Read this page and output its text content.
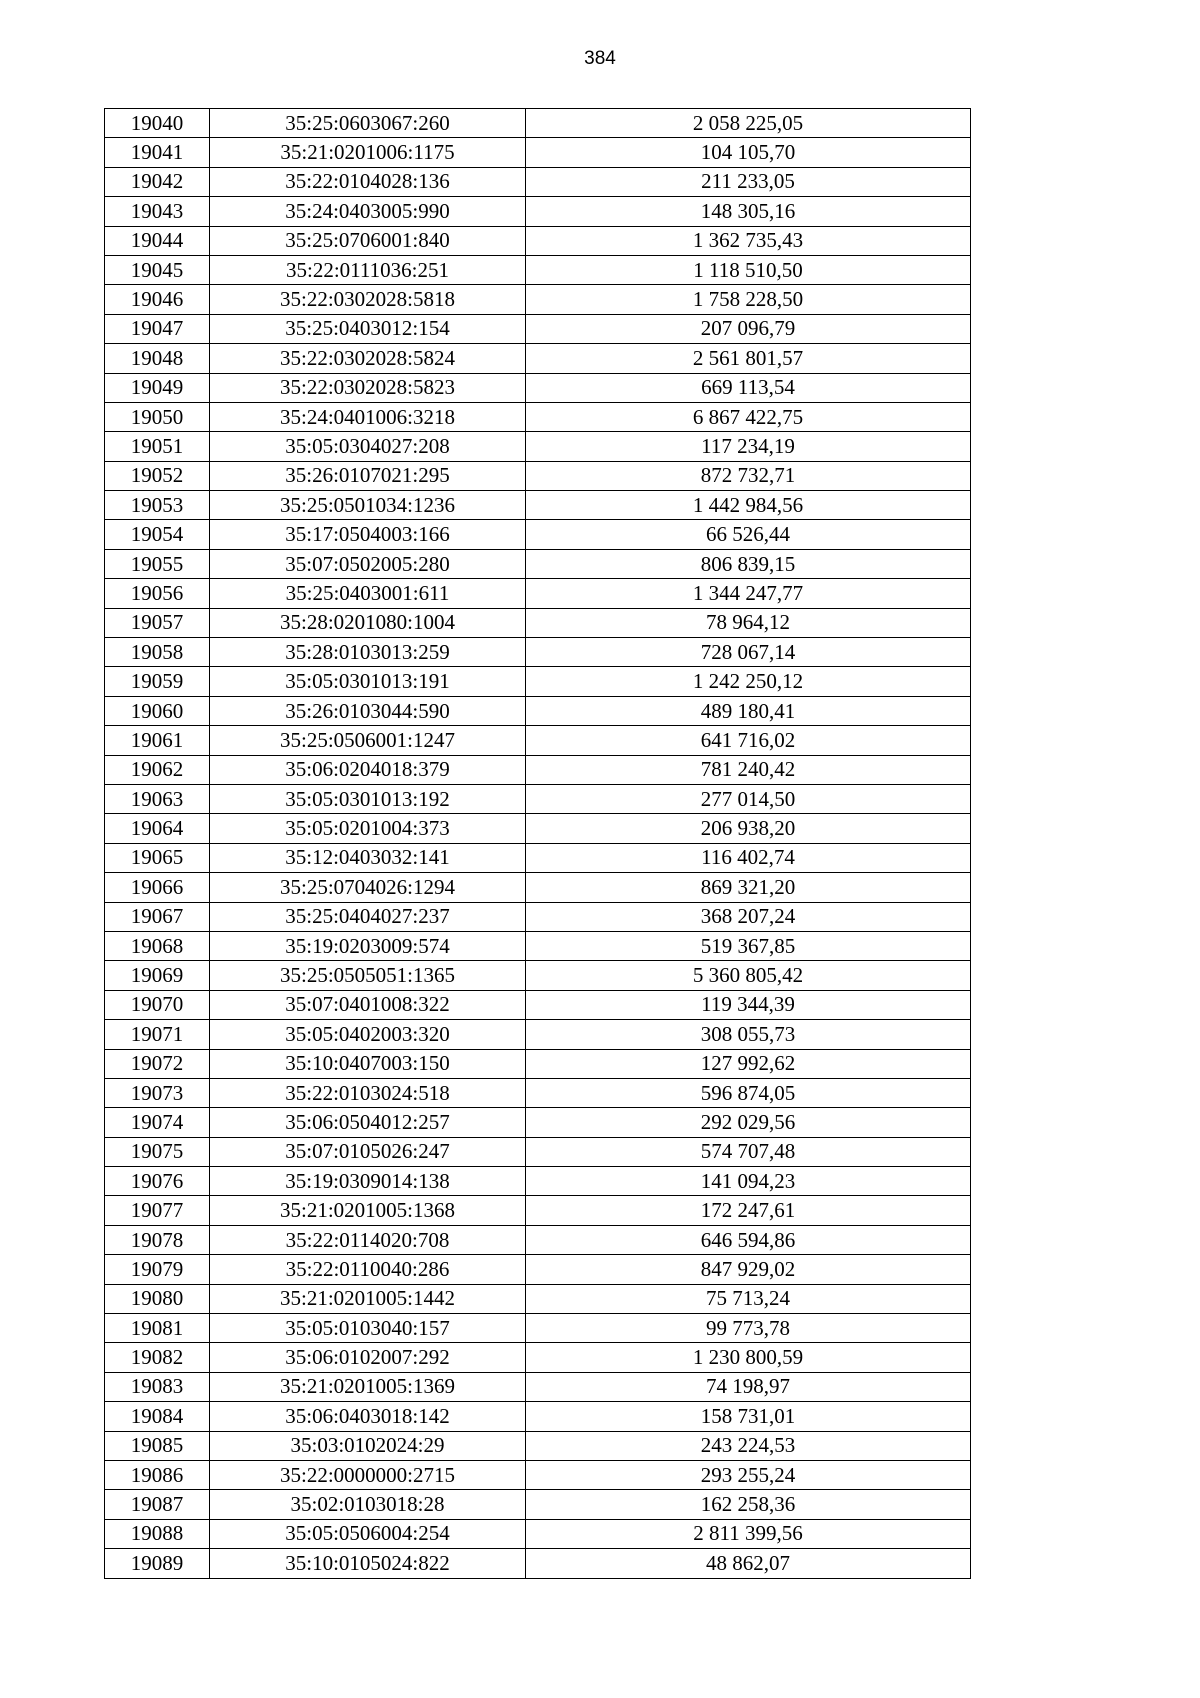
384
19040	35:25:0603067:260	2 058 225,05
19041	35:21:0201006:1175	104 105,70
19042	35:22:0104028:136	211 233,05
19043	35:24:0403005:990	148 305,16
19044	35:25:0706001:840	1 362 735,43
19045	35:22:0111036:251	1 118 510,50
19046	35:22:0302028:5818	1 758 228,50
19047	35:25:0403012:154	207 096,79
19048	35:22:0302028:5824	2 561 801,57
19049	35:22:0302028:5823	669 113,54
19050	35:24:0401006:3218	6 867 422,75
19051	35:05:0304027:208	117 234,19
19052	35:26:0107021:295	872 732,71
19053	35:25:0501034:1236	1 442 984,56
19054	35:17:0504003:166	66 526,44
19055	35:07:0502005:280	806 839,15
19056	35:25:0403001:611	1 344 247,77
19057	35:28:0201080:1004	78 964,12
19058	35:28:0103013:259	728 067,14
19059	35:05:0301013:191	1 242 250,12
19060	35:26:0103044:590	489 180,41
19061	35:25:0506001:1247	641 716,02
19062	35:06:0204018:379	781 240,42
19063	35:05:0301013:192	277 014,50
19064	35:05:0201004:373	206 938,20
19065	35:12:0403032:141	116 402,74
19066	35:25:0704026:1294	869 321,20
19067	35:25:0404027:237	368 207,24
19068	35:19:0203009:574	519 367,85
19069	35:25:0505051:1365	5 360 805,42
19070	35:07:0401008:322	119 344,39
19071	35:05:0402003:320	308 055,73
19072	35:10:0407003:150	127 992,62
19073	35:22:0103024:518	596 874,05
19074	35:06:0504012:257	292 029,56
19075	35:07:0105026:247	574 707,48
19076	35:19:0309014:138	141 094,23
19077	35:21:0201005:1368	172 247,61
19078	35:22:0114020:708	646 594,86
19079	35:22:0110040:286	847 929,02
19080	35:21:0201005:1442	75 713,24
19081	35:05:0103040:157	99 773,78
19082	35:06:0102007:292	1 230 800,59
19083	35:21:0201005:1369	74 198,97
19084	35:06:0403018:142	158 731,01
19085	35:03:0102024:29	243 224,53
19086	35:22:0000000:2715	293 255,24
19087	35:02:0103018:28	162 258,36
19088	35:05:0506004:254	2 811 399,56
19089	35:10:0105024:822	48 862,07
